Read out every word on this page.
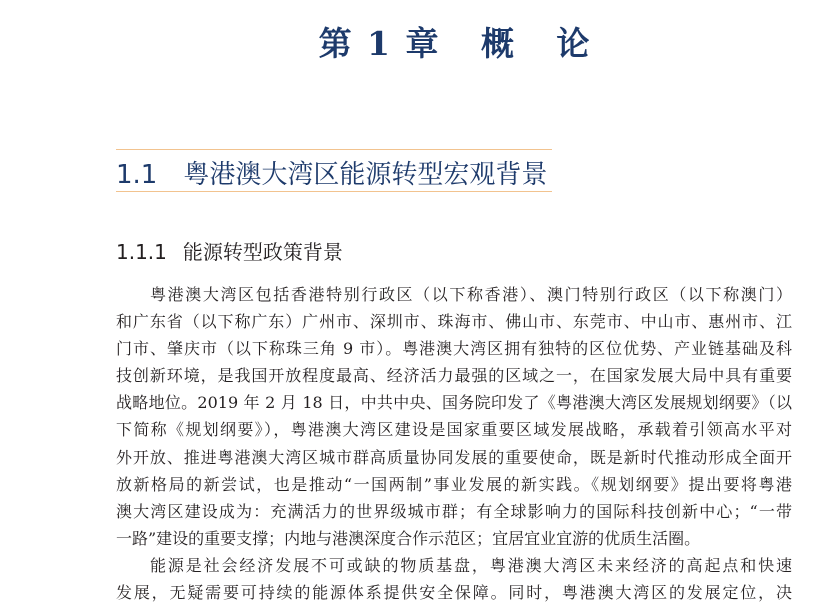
第 1 章   概   论
1.1 粤港澳大湾区能源转型宏观背景
1.1.1 能源转型政策背景
粤港澳大湾区包括香港特别行政区（以下称香港）、澳门特别行政区（以下称澳门）
和广东省（以下称广东）广州市、深圳市、珠海市、佛山市、东莞市、中山市、惠州市、江
门市、肇庆市（以下称珠三角 9 市）。粤港澳大湾区拥有独特的区位优势、产业链基础及科
技创新环境，是我国开放程度最高、经济活力最强的区域之一，在国家发展大局中具有重要
战略地位。2019 年 2 月 18 日，中共中央、国务院印发了《粤港澳大湾区发展规划纲要》（以
下简称《规划纲要》），粤港澳大湾区建设是国家重要区域发展战略，承载着引领高水平对
外开放、推进粤港澳大湾区城市群高质量协同发展的重要使命，既是新时代推动形成全面开
放新格局的新尝试，也是推动“一国两制”事业发展的新实践。《规划纲要》提出要将粤港
澳大湾区建设成为：充满活力的世界级城市群；有全球影响力的国际科技创新中心；“一带
一路”建设的重要支撑；内地与港澳深度合作示范区；宜居宜业宜游的优质生活圈。
能源是社会经济发展不可或缺的物质基盘，粤港澳大湾区未来经济的高起点和快速
发展，无疑需要可持续的能源体系提供安全保障。同时，粤港澳大湾区的发展定位，决
